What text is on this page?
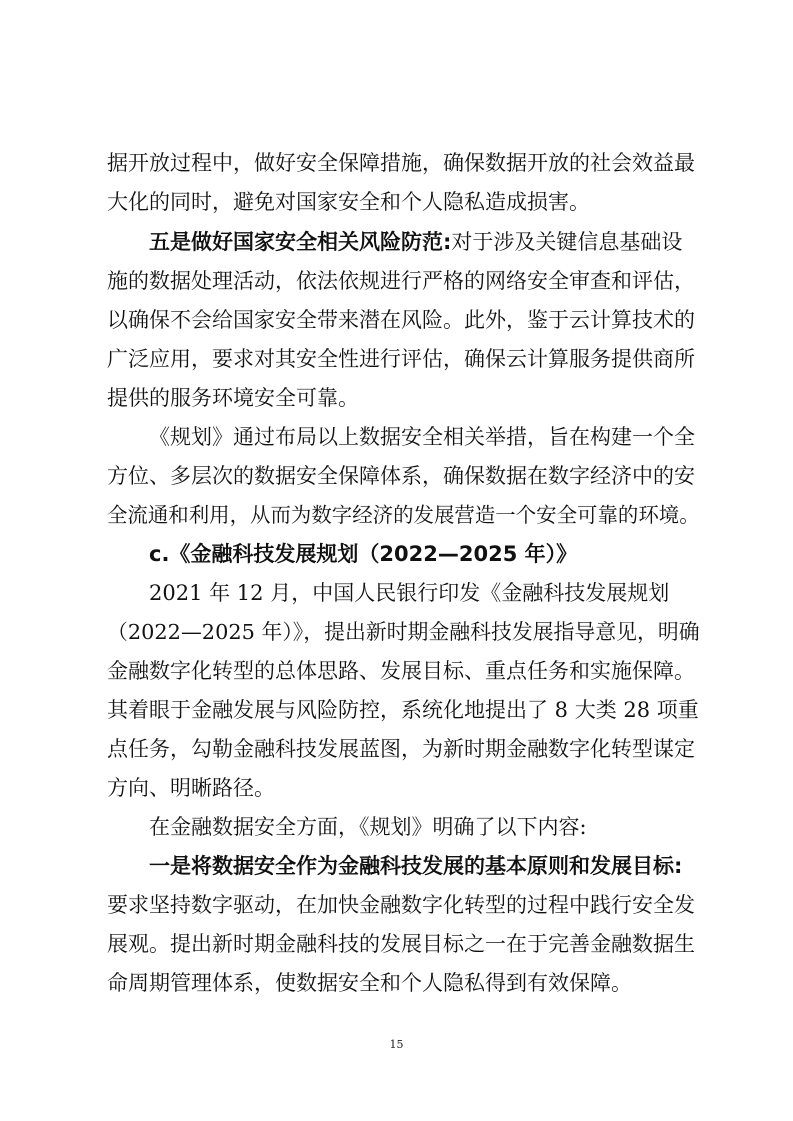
据开放过程中，做好安全保障措施，确保数据开放的社会效益最
大化的同时，避免对国家安全和个人隐私造成损害。
五是做好国家安全相关风险防范:对于涉及关键信息基础设
施的数据处理活动，依法依规进行严格的网络安全审查和评估，
以确保不会给国家安全带来潜在风险。此外，鉴于云计算技术的
广泛应用，要求对其安全性进行评估，确保云计算服务提供商所
提供的服务环境安全可靠。
《规划》通过布局以上数据安全相关举措，旨在构建一个全
方位、多层次的数据安全保障体系，确保数据在数字经济中的安
全流通和利用，从而为数字经济的发展营造一个安全可靠的环境。
c.《金融科技发展规划（2022—2025 年）》
2021 年 12 月，中国人民银行印发《金融科技发展规划
（2022—2025 年）》，提出新时期金融科技发展指导意见，明确
金融数字化转型的总体思路、发展目标、重点任务和实施保障。
其着眼于金融发展与风险防控，系统化地提出了 8 大类 28 项重
点任务，勾勒金融科技发展蓝图，为新时期金融数字化转型谋定
方向、明晰路径。
在金融数据安全方面，《规划》明确了以下内容:
一是将数据安全作为金融科技发展的基本原则和发展目标:
要求坚持数字驱动，在加快金融数字化转型的过程中践行安全发
展观。提出新时期金融科技的发展目标之一在于完善金融数据生
命周期管理体系，使数据安全和个人隐私得到有效保障。
15
